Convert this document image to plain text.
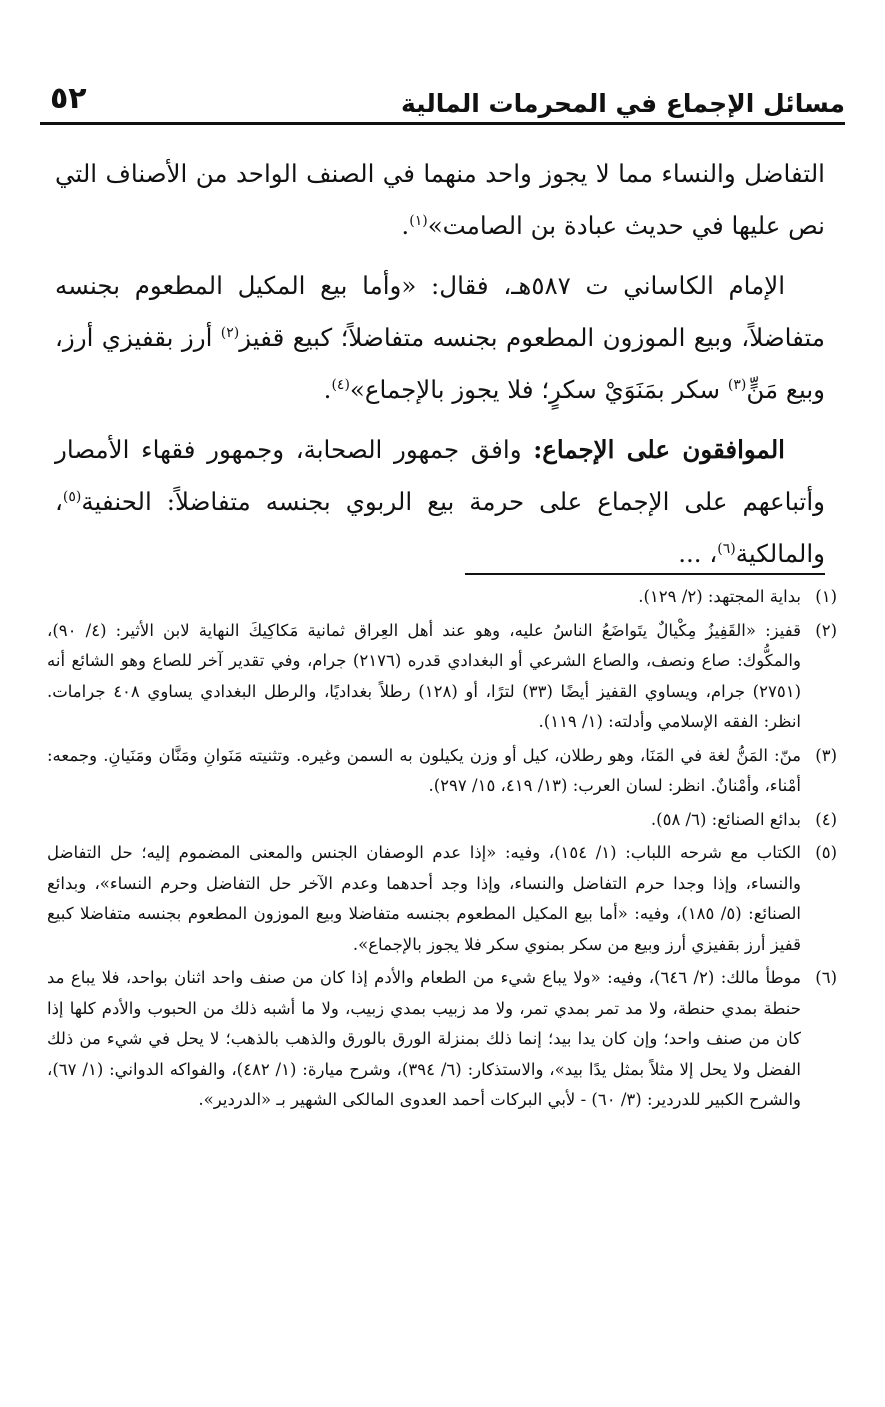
مسائل الإجماع في المحرمات المالية
٥٢

التفاضل والنساء مما لا يجوز واحد منهما في الصنف الواحد من الأصناف التي نص عليها في حديث عبادة بن الصامت»$^{(١)}$.

الإمام الكاساني ت ٥٨٧هـ، فقال: «وأما بيع المكيل المطعوم بجنسه متفاضلاً، وبيع الموزون المطعوم بجنسه متفاضلاً؛ كبيع قفيز$^{(٢)}$ أرز بقفيزي أرز، وبيع مَنٍّ$^{(٣)}$ سكر بمَنَوَيْ سكرٍ؛ فلا يجوز بالإجماع»$^{(٤)}$.

الموافقون على الإجماع: وافق جمهور الصحابة، وجمهور فقهاء الأمصار وأتباعهم على الإجماع على حرمة بيع الربوي بجنسه متفاضلاً: الحنفية$^{(٥)}$، والمالكية$^{(٦)}$، ...

(١)
بداية المجتهد: (٢/ ١٢٩).
(٢)
قفيز: «القَفِيزُ مِكْيالٌ يتَواضَعُ الناسُ عليه، وهو عند أهل العِراق ثمانية مَكاكِيكَ النهاية لابن الأثير: (٤/ ٩٠)، والمكُّوك: صاع ونصف، والصاع الشرعي أو البغدادي قدره (٢١٧٦) جرام، وفي تقدير آخر للصاع وهو الشائع أنه (٢٧٥١) جرام، ويساوي القفيز أيضًا (٣٣) لترًا، أو (١٢٨) رطلاً بغداديًا، والرطل البغدادي يساوي ٤٠٨ جرامات. انظر: الفقه الإسلامي وأدلته: (١/ ١١٩).
(٣)
منّ: المَنُّ لغة في المَنَا، وهو رطلان، كيل أو وزن يكيلون به السمن وغيره. وتثنيته مَنَوانِ ومَنَّان ومَنَيانِ. وجمعه: أمْناء، وأمْنانٌ. انظر: لسان العرب: (١٣/ ٤١٩، ١٥/ ٢٩٧).
(٤)
بدائع الصنائع: (٦/ ٥٨).
(٥)
الكتاب مع شرحه اللباب: (١/ ١٥٤)، وفيه: «إذا عدم الوصفان الجنس والمعنى المضموم إليه؛ حل التفاضل والنساء، وإذا وجدا حرم التفاضل والنساء، وإذا وجد أحدهما وعدم الآخر حل التفاضل وحرم النساء»، وبدائع الصنائع: (٥/ ١٨٥)، وفيه: «أما بيع المكيل المطعوم بجنسه متفاضلا وبيع الموزون المطعوم بجنسه متفاضلا كبيع قفيز أرز بقفيزي أرز وبيع من سكر بمنوي سكر فلا يجوز بالإجماع».
(٦)
موطأ مالك: (٢/ ٦٤٦)، وفيه: «ولا يباع شيء من الطعام والأدم إذا كان من صنف واحد اثنان بواحد، فلا يباع مد حنطة بمدي حنطة، ولا مد تمر بمدي تمر، ولا مد زبيب بمدي زبيب، ولا ما أشبه ذلك من الحبوب والأدم كلها إذا كان من صنف واحد؛ وإن كان يدا بيد؛ إنما ذلك بمنزلة الورق بالورق والذهب بالذهب؛ لا يحل في شيء من ذلك الفضل ولا يحل إلا مثلاً بمثل يدًا بيد»، والاستذكار: (٦/ ٣٩٤)، وشرح ميارة: (١/ ٤٨٢)، والفواكه الدواني: (١/ ٦٧)، والشرح الكبير للدردير: (٣/ ٦٠) - لأبي البركات أحمد العدوى المالكى الشهير بـ «الدردير».
